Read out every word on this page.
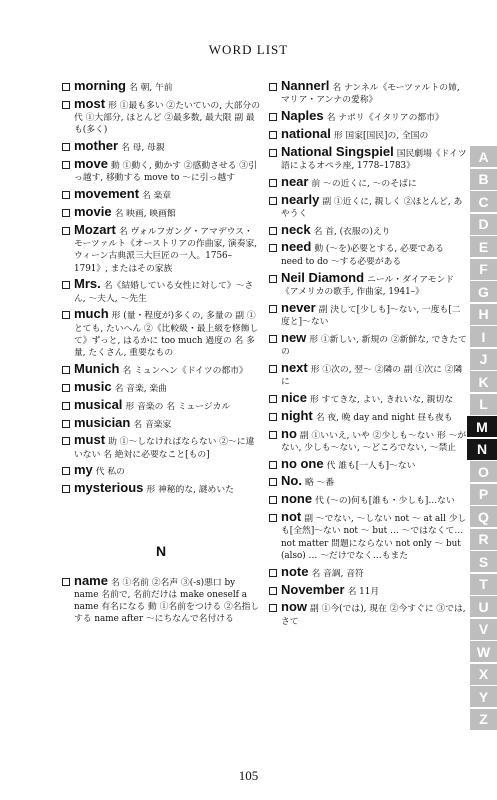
WORD LIST
morning 名 朝, 午前
most 形 ①最も多い ②たいていの, 大部分の 代 ①大部分, ほとんど ②最多数, 最大限 副 最も(多く)
mother 名 母, 母親
move 動 ①動く, 動かす ②感動させる ③引っ越す, 移動する move to ～に引っ越す
movement 名 楽章
movie 名 映画, 映画館
Mozart 名 ヴォルフガング・アマデウス・モーツァルト《オーストリアの作曲家, 演奏家, ウィーン古典派三大巨匠の一人。1756–1791》, またはその家族
Mrs. 名《結婚している女性に対して》～さん, ～夫人, ～先生
much 形 (量・程度が)多くの, 多量の 副 ①とても, たいへん ②《比較級・最上級を修飾して》ずっと, はるかに too much 過度の 名 多量, たくさん, 重要なもの
Munich 名 ミュンヘン《ドイツの都市》
music 名 音楽, 楽曲
musical 形 音楽の 名 ミュージカル
musician 名 音楽家
must 助 ①～しなければならない ②～に違いない 名 絶対に必要なこと[もの]
my 代 私の
mysterious 形 神秘的な, 謎めいた
N
name 名 ①名前 ②名声 ③(-s)悪口 by name 名前で, 名前だけは make oneself a name 有名になる 動 ①名前をつける ②名指しする name after ～にちなんで名付ける
Nannerl 名 ナンネル《モーツァルトの姉, マリア・アンナの愛称》
Naples 名 ナポリ《イタリアの都市》
national 形 国家[国民]の, 全国の
National Singspiel 国民劇場《ドイツ語によるオペラ座, 1778–1783》
near 前 ～の近くに, ～のそばに
nearly 副 ①近くに, 親しく ②ほとんど, あやうく
neck 名 首, (衣服の)えり
need 動 (～を)必要とする, 必要である need to do ～する必要がある
Neil Diamond ニール・ダイアモンド《アメリカの歌手, 作曲家, 1941–》
never 副 決して[少しも]～ない, 一度も[二度と]～ない
new 形 ①新しい, 新規の ②新鮮な, できたての
next 形 ①次の, 翌～ ②隣の 副 ①次に ②隣に
nice 形 すてきな, よい, きれいな, 親切な
night 名 夜, 晩 day and night 昼も夜も
no 副 ①いいえ, いや ②少しも～ない 形 ～がない, 少しも～ない, ～どころでない, ～禁止
no one 代 誰も[一人も]～ない
No. 略 ～番
none 代 (～の)何も[誰も・少しも]…ない
not 副 ～でない, ～しない not ～ at all 少しも[全然]～ない not ～ but … ～ではなくて… not matter 問題にならない not only ～ but (also) … ～だけでなく…もまた
note 名 音調, 音符
November 名 11月
now 副 ①今(では), 現在 ②今すぐに ③では, さて
A
B
C
D
E
F
G
H
I
J
K
L
M
N
O
P
Q
R
S
T
U
V
W
X
Y
Z
105
